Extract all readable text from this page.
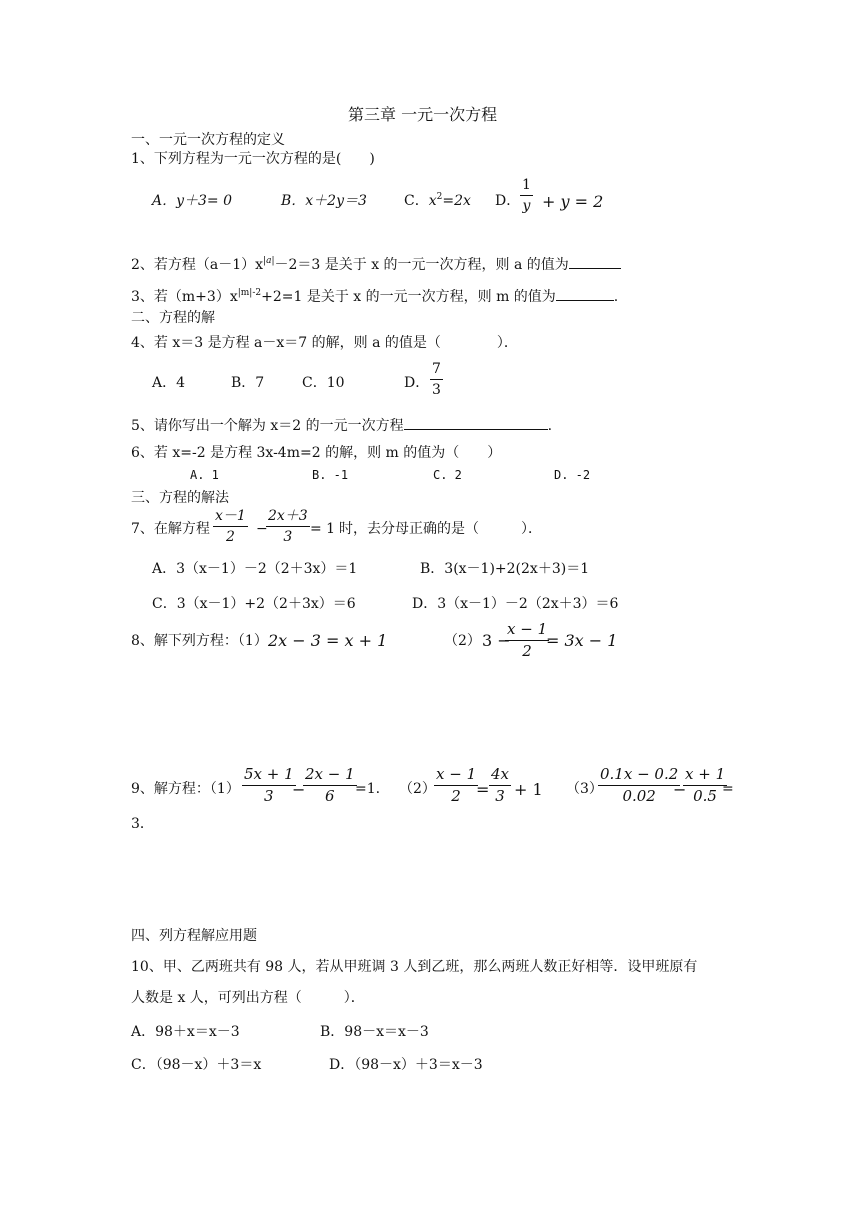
第三章 一元一次方程
一、一元一次方程的定义
1、下列方程为一元一次方程的是(　　)
A．y＋3= 0	B．x＋2y＝3	C．$x^2=2x$ D． $\frac{1}{y} + y = 2$
2、若方程$(a-1)x^{|a|}-2=3$ 是关于 x 的一元一次方程，则 a 的值为
3、若$(m+3)x^{|m|-2}+2=1$ 是关于 x 的一元一次方程，则 m 的值为	.
二、方程的解
4、若 x＝3 是方程 a－x＝7 的解，则 a 的值是（　　　　）．
A．4	B．7	C．10	D． $\frac{7}{3}$
5、请你写出一个解为 x＝2 的一元一次方程	.
6、若 x=-2 是方程 3x-4m=2 的解，则 m 的值为（　　）
A. 1	B. -1	C. 2	D. -2
三、方程的解法
7、在解方程 $\frac{x-1}{2}$ −
$\frac{2x+3}{3} = 1$ 时，去分母正确的是（　　　）．
A．3（x－1）－2（2＋3x）＝1	B．3(x－1)+2(2x＋3)＝1
C．3（x－1）+2（2＋3x）＝6	D．3（x－1）－2（2x＋3）＝6
8、解下列方程：（1） 2x − 3 = x + 1	（2） 3 −
$\frac{x - 1}{2}$
= 3x − 1
9、解方程：$(1) \frac{5x + 1}{3}$
−
$\frac{2x - 1}{6}$
=1. （2）
$\frac{x - 1}{2}$
= $\frac{4x}{3} + 1$ （3）
$\frac{0.1x - 0.2}{0.02}$
−
$\frac{x + 1}{0.5}$
=
3．
四、列方程解应用题
10、甲、乙两班共有 98 人，若从甲班调 3 人到乙班，那么两班人数正好相等．设甲班原有
人数是 x 人，可列出方程（　　　）．
A．98＋x＝x－3	B．98－x＝x－3
C．（98－x）＋3＝x	D．（98－x）＋3＝x－3
